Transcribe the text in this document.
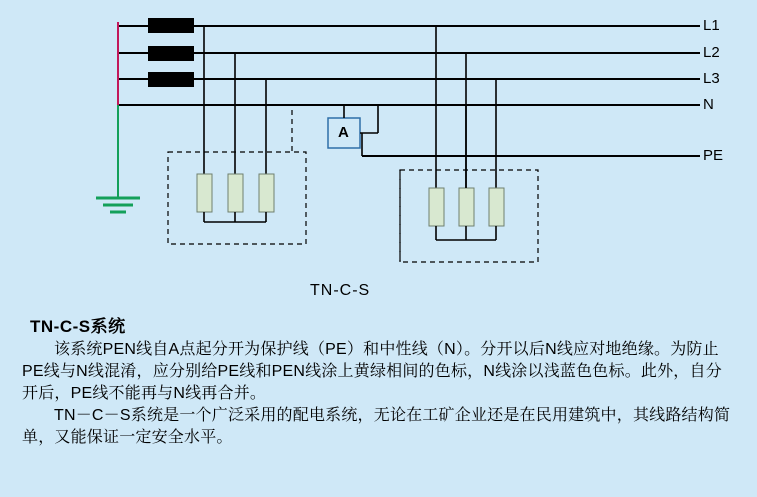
L1
L2
L3
N
PE
A
TN-C-S
TN-C-S系统

该系统PEN线自A点起分开为保护线（PE）和中性线（N）。分开以后N线应对地绝缘。为防止PE线与N线混淆，应分别给PE线和PEN线涂上黄绿相间的色标，N线涂以浅蓝色色标。此外，自分开后，PE线不能再与N线再合并。

TN－C－S系统是一个广泛采用的配电系统，无论在工矿企业还是在民用建筑中，其线路结构简单，又能保证一定安全水平。
